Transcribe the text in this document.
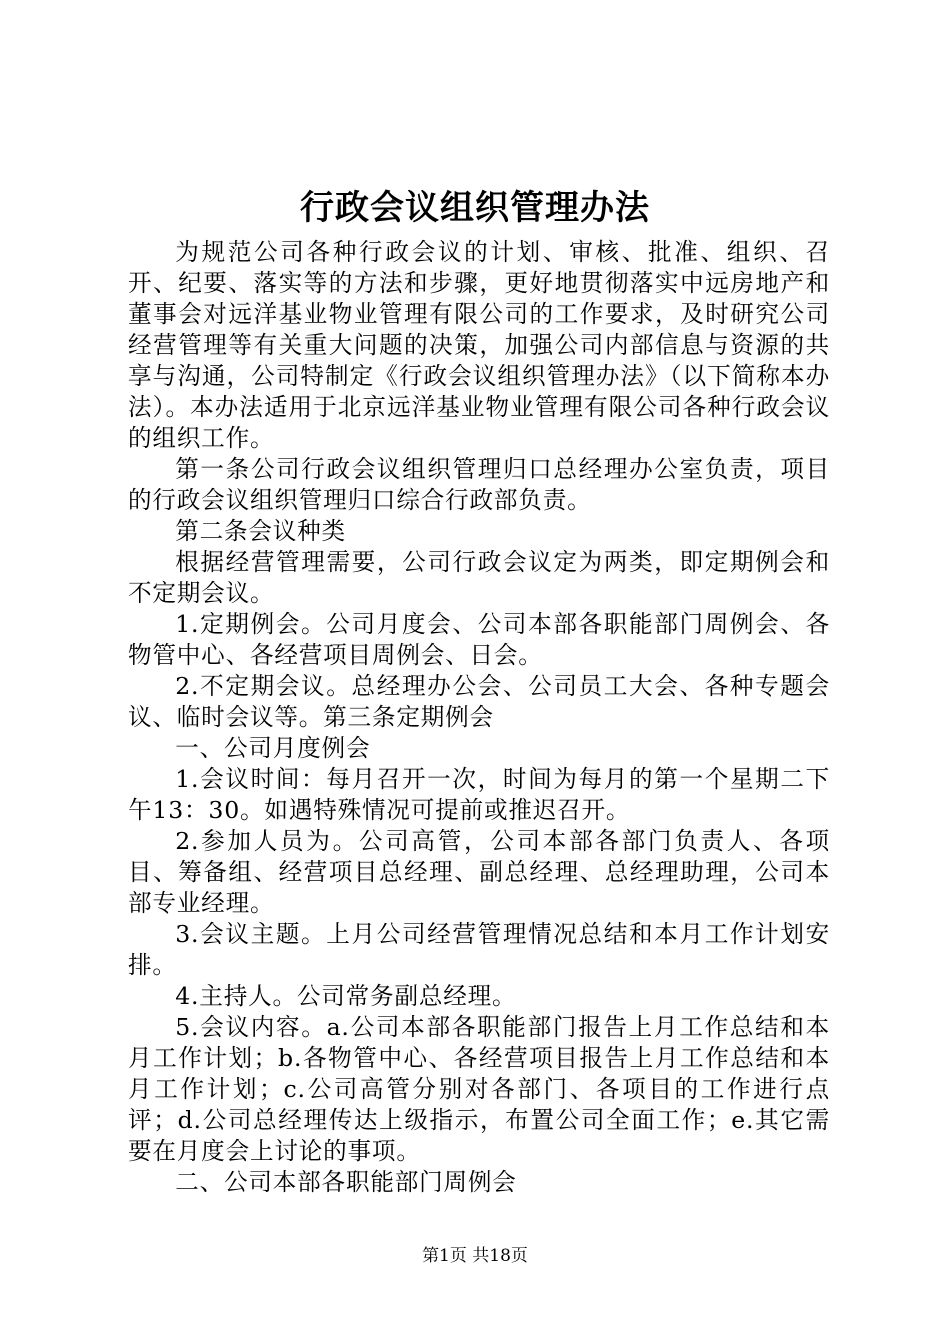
行政会议组织管理办法

为规范公司各种行政会议的计划、审核、批准、组织、召开、纪要、落实等的方法和步骤，更好地贯彻落实中远房地产和董事会对远洋基业物业管理有限公司的工作要求，及时研究公司经营管理等有关重大问题的决策，加强公司内部信息与资源的共享与沟通，公司特制定《行政会议组织管理办法》（以下简称本办法）。本办法适用于北京远洋基业物业管理有限公司各种行政会议的组织工作。

第一条公司行政会议组织管理归口总经理办公室负责，项目的行政会议组织管理归口综合行政部负责。

第二条会议种类

根据经营管理需要，公司行政会议定为两类，即定期例会和不定期会议。

1.定期例会。公司月度会、公司本部各职能部门周例会、各物管中心、各经营项目周例会、日会。

2.不定期会议。总经理办公会、公司员工大会、各种专题会议、临时会议等。第三条定期例会

一、公司月度例会

1.会议时间：每月召开一次，时间为每月的第一个星期二下午13：30。如遇特殊情况可提前或推迟召开。

2.参加人员为。公司高管，公司本部各部门负责人、各项目、筹备组、经营项目总经理、副总经理、总经理助理，公司本部专业经理。

3.会议主题。上月公司经营管理情况总结和本月工作计划安排。

4.主持人。公司常务副总经理。

5.会议内容。a.公司本部各职能部门报告上月工作总结和本月工作计划；b.各物管中心、各经营项目报告上月工作总结和本月工作计划；c.公司高管分别对各部门、各项目的工作进行点评；d.公司总经理传达上级指示，布置公司全面工作；e.其它需要在月度会上讨论的事项。

二、公司本部各职能部门周例会

第1页 共18页
